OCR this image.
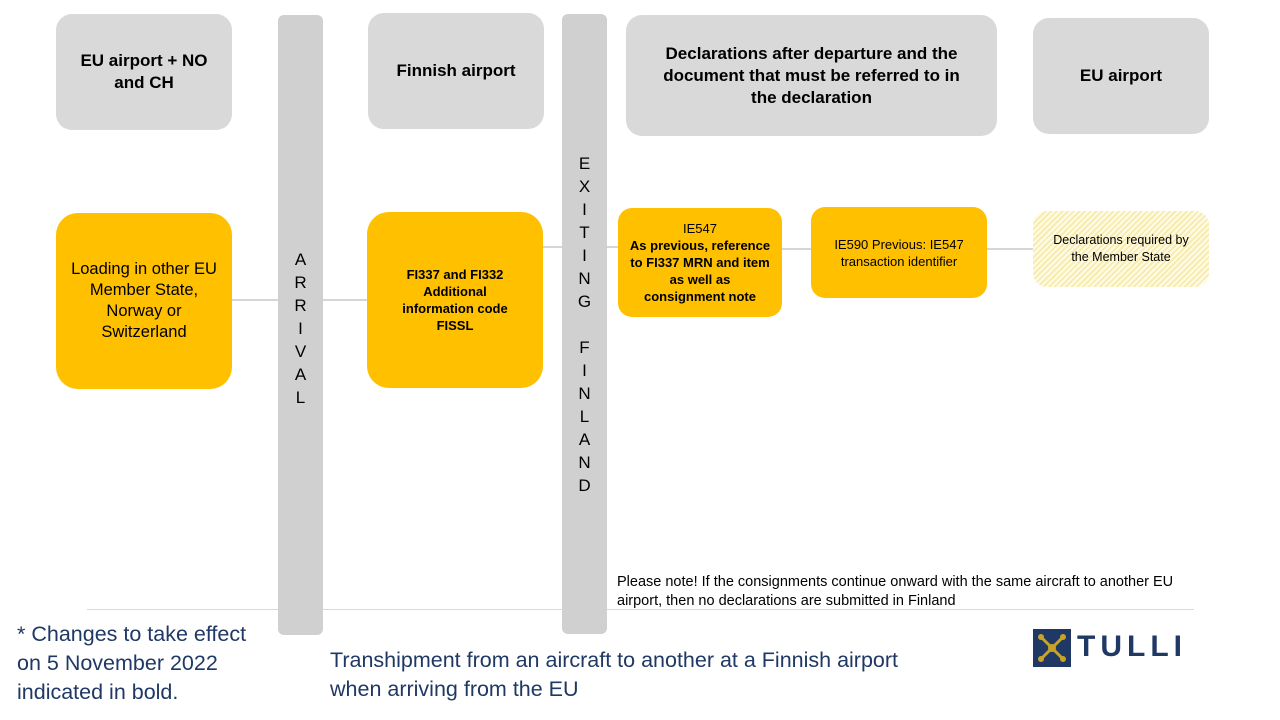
EU airport + NO and CH
Finnish airport
Declarations after departure and the document that must be referred to in the declaration
EU airport
A
R
R
I
V
A
L
E
X
I
T
I
N
G
F
I
N
L
A
N
D
Loading in other EU Member State, Norway or Switzerland
FI337 and FI332 Additional information code FISSL
IE547
As previous, reference to FI337 MRN and item as well as consignment note
IE590 Previous: IE547 transaction identifier
Declarations required by the Member State
Please note! If the consignments continue onward with the same aircraft to another EU airport, then no declarations are submitted in Finland
* Changes to take effect on 5 November 2022 indicated in bold.
Transhipment from an aircraft to another at a Finnish airport when arriving from the EU
TULLI
